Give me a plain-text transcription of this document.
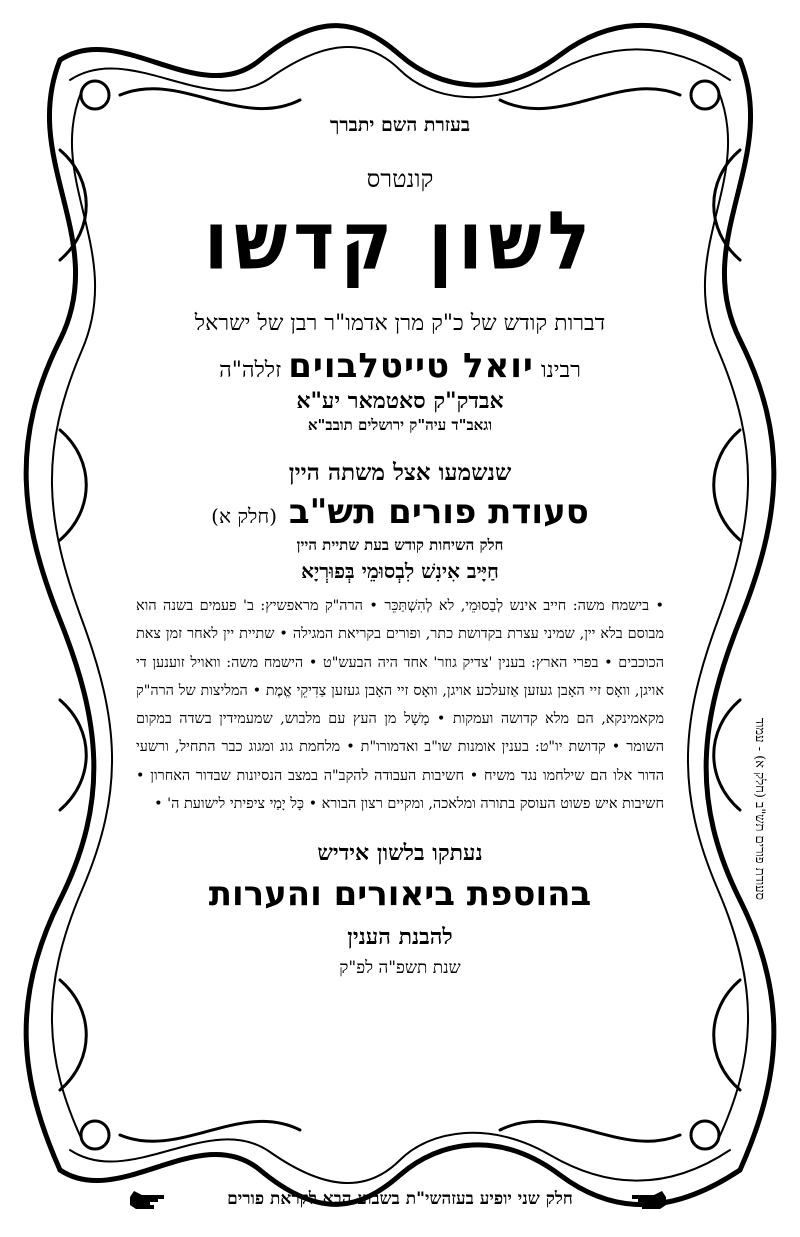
בעזרת השם יתברך
קונטרס
לשון קדשו
דברות קודש של כ"ק מרן אדמו"ר רבן של ישראל
רבינו יואל טייטלבוים זללה"ה
אבדק"ק סאטמאר יע"א
וגאב"ד עיה"ק ירושלים תובב"א
שנשמעו אצל משתה היין
סעודת פורים תש"ב (חלק א)
חלק השיחות קודש בעת שתיית היין
חַיָּיב אִינִשׁ לִבְסוּמֵי בְּפוּרְיָא
• בישמח משה: חייב אינש לְבַסוּמֵי, לא לְהִשְׁתַּכֵּר • הרה"ק מראפשיץ: ב' פעמים בשנה הוא מבוסם בלא יין, שמיני עצרת בקדושת כתר, ופורים בקריאת המגילה • שתיית יין לאחר זמן צאת הכוכבים • בפרי הארץ: בענין 'צדיק גוזר' אחד היה הבעש"ט • הישמח משה: וואויל זוענען די אויגן, וואָס זיי האָבן געזען אַזעלכע אויגן, וואָס זיי האָבן געזען צַדִיקֵי אֱמֶת • המליצות של הרה"ק מקאמינקא, הם מלא קדושה ועמקות • מָשָׁל מן העץ עם מלבוש, שמעמידין בשדה במקום השומר • קדושת יו"ט: בענין אומנות שו"ב ואדמורו"ת • מלחמת גוג ומגוג כבר התחיל, ורשעי הדור אלו הם שילחמו נגד משיח • חשיבות העבודה להקב"ה במצב הנסיונות שבדור האחרון • חשיבות איש פשוט העוסק בתורה ומלאכה, ומקיים רצון הבורא • כָּל יָמַי ציפיתי לישועת ה' •
נעתקו בלשון אידיש
בהוספת ביאורים והערות
להבנת הענין
שנת תשפ"ה לפ"ק
חלק שני יופיע בעזהשי"ת בשבוע הבא לקראת פורים
סעודת פורים תש"ב (חלק א) - עמוד
